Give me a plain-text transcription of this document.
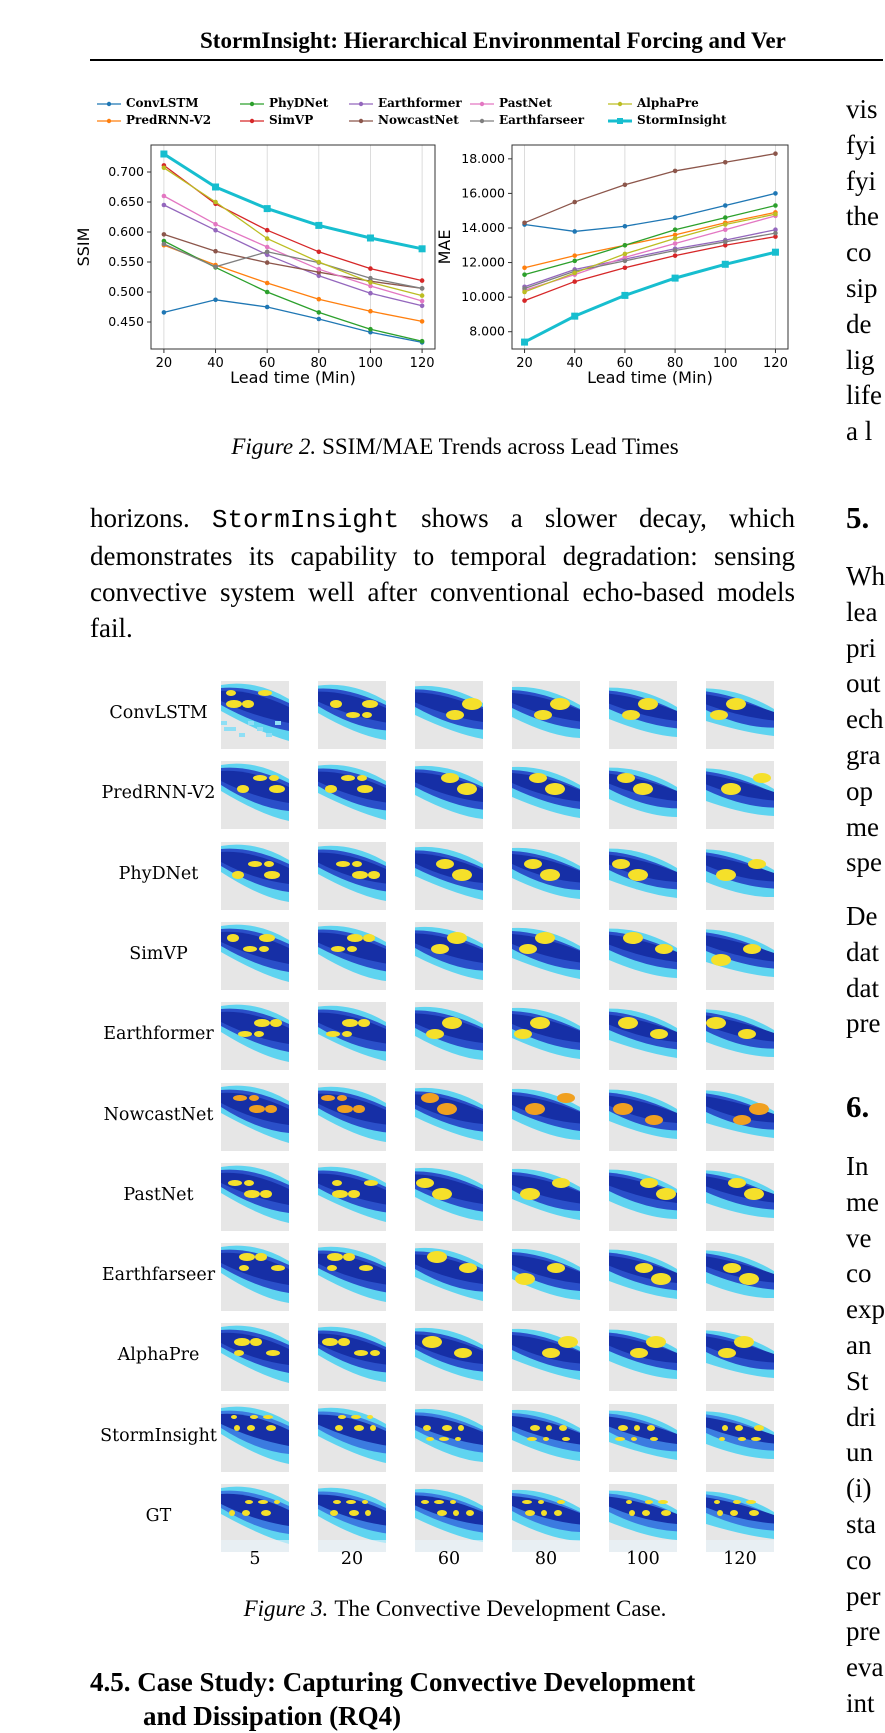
StormInsight: Hierarchical Environmental Forcing and Ver
ConvLSTM
PredRNN-V2
PhyDNet
SimVP
Earthformer
NowcastNet
PastNet
Earthfarseer
AlphaPre
StormInsight
0.450
0.500
0.550
0.600
0.650
0.700
20	40	60	80 100 120
Lead time (Min)
SSIM
8.000
10.000
12.000
14.000
16.000
18.000
20	40	60	80 100 120
Lead time (Min)
MAE
Figure 2. SSIM/MAE Trends across Lead Times
horizons. StormInsight shows a slower decay, which demonstrates its capability to temporal degradation: sensing convective system well after conventional echo-based models fail.
ConvLSTM
PredRNN-V2
PhyDNet
SimVP
Earthformer
NowcastNet
PastNet
Earthfarseer
AlphaPre
StormInsight
GT
5	20	60	80	100	120
Figure 3. The Convective Development Case.
4.5. Case Study: Capturing Convective Development
and Dissipation (RQ4)
vis
fyi
fyi
the
co
sip
de
lig
life
a l
5.
Wh
lea
pri
out
ech
gra
op
me
spe
De
dat
dat
pre
6.
In
me
ve
co
exp
an
St
dri
un
(i)
sta
co
per
pre
eva
int
